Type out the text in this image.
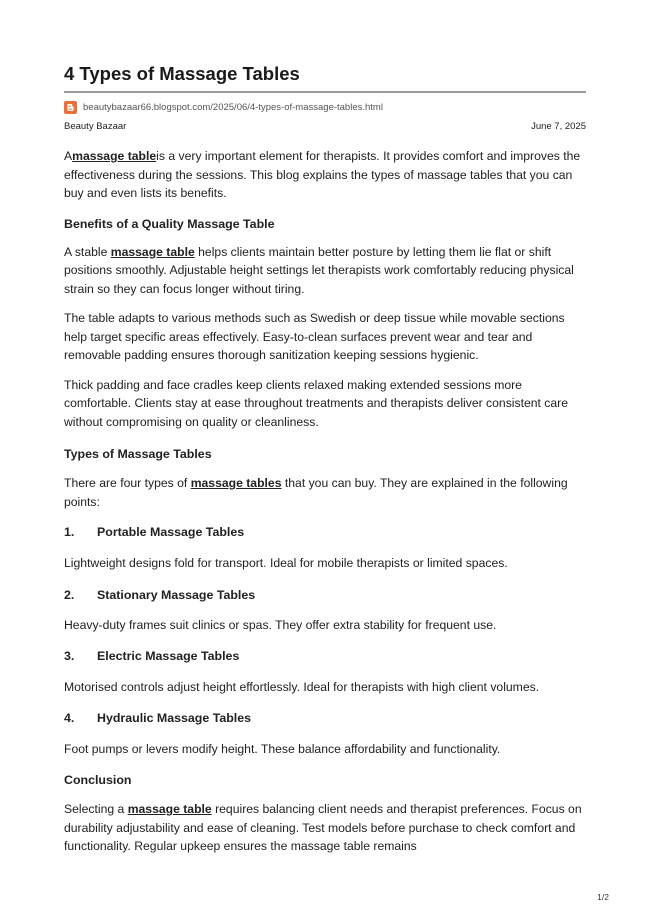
4 Types of Massage Tables
beautybazaar66.blogspot.com/2025/06/4-types-of-massage-tables.html
Beauty Bazaar	June 7, 2025

Amassage tableis a very important element for therapists. It provides comfort and improves the effectiveness during the sessions. This blog explains the types of massage tables that you can buy and even lists its benefits.

Benefits of a Quality Massage Table

A stable massage table helps clients maintain better posture by letting them lie flat or shift positions smoothly. Adjustable height settings let therapists work comfortably reducing physical strain so they can focus longer without tiring.

The table adapts to various methods such as Swedish or deep tissue while movable sections help target specific areas effectively. Easy-to-clean surfaces prevent wear and tear and removable padding ensures thorough sanitization keeping sessions hygienic.

Thick padding and face cradles keep clients relaxed making extended sessions more comfortable. Clients stay at ease throughout treatments and therapists deliver consistent care without compromising on quality or cleanliness.

Types of Massage Tables

There are four types of massage tables that you can buy. They are explained in the following points:

1.	Portable Massage Tables

Lightweight designs fold for transport. Ideal for mobile therapists or limited spaces.

2.	Stationary Massage Tables

Heavy-duty frames suit clinics or spas. They offer extra stability for frequent use.

3.	Electric Massage Tables

Motorised controls adjust height effortlessly. Ideal for therapists with high client volumes.

4.	Hydraulic Massage Tables

Foot pumps or levers modify height. These balance affordability and functionality.

Conclusion

Selecting a massage table requires balancing client needs and therapist preferences. Focus on durability adjustability and ease of cleaning. Test models before purchase to check comfort and functionality. Regular upkeep ensures the massage table remains

1/2
